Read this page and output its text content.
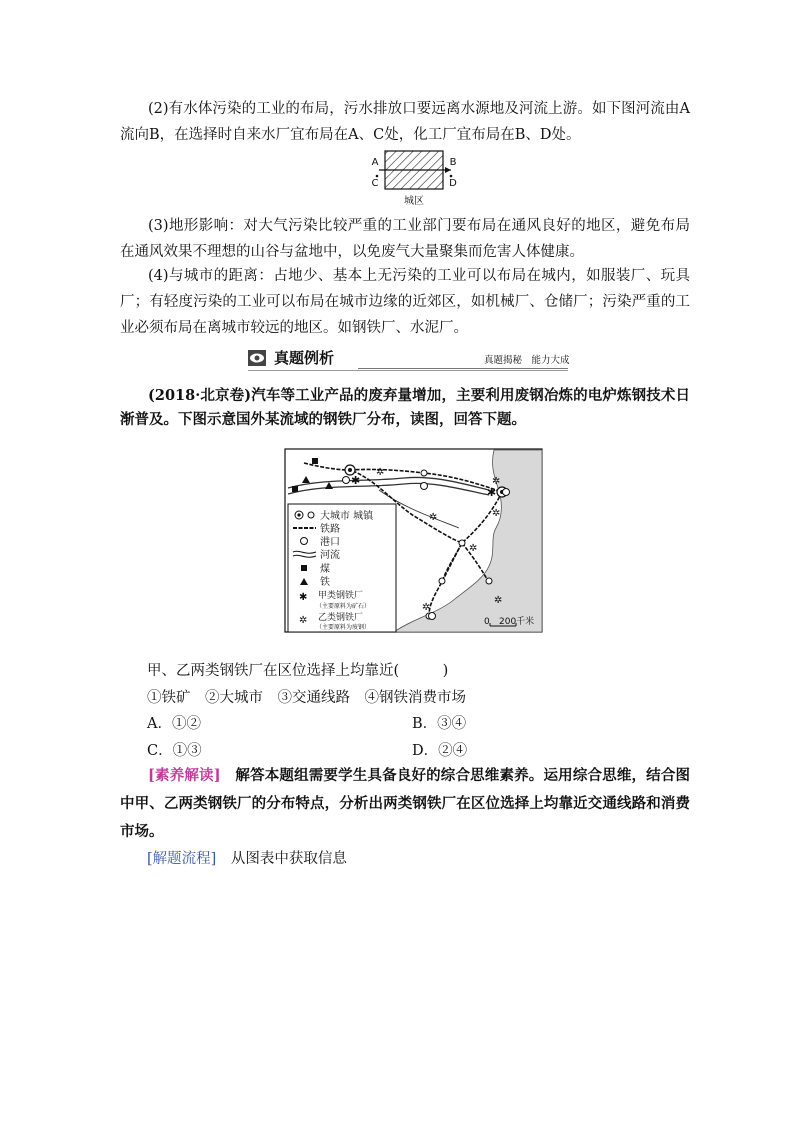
(2)有水体污染的工业的布局，污水排放口要远离水源地及河流上游。如下图河流由A流向B，在选择时自来水厂宜布局在A、C处，化工厂宜布局在B、D处。

A	B
C	D
城区

(3)地形影响：对大气污染比较严重的工业部门要布局在通风良好的地区，避免布局在通风效果不理想的山谷与盆地中，以免废气大量聚集而危害人体健康。

(4)与城市的距离：占地少、基本上无污染的工业可以布局在城内，如服装厂、玩具厂；有轻度污染的工业可以布局在城市边缘的近郊区，如机械厂、仓储厂；污染严重的工业必须布局在离城市较远的地区。如钢铁厂、水泥厂。

真题例析	真题揭秘　能力大成

(2018·北京卷)汽车等工业产品的废弃量增加，主要利用废钢冶炼的电炉炼钢技术日渐普及。下图示意国外某流域的钢铁厂分布，读图，回答下题。

✱
✱
✲
✲
✲	✲
✲
✲
✲
大城市 城镇
铁路
港口
河流
煤
铁
✱ 甲类钢铁厂
（主要原料为矿石）
✲ 乙类钢铁厂
（主要原料为废钢）
0 200千米
甲、乙两类钢铁厂在区位选择上均靠近(　　　)
①铁矿　②大城市　③交通线路　④钢铁消费市场
A．①②	B．③④
C．①③	D．②④

[素养解读]　 解答本题组需要学生具备良好的综合思维素养。运用综合思维，结合图中甲、乙两类钢铁厂的分布特点，分析出两类钢铁厂在区位选择上均靠近交通线路和消费市场。

[解题流程]　 从图表中获取信息
